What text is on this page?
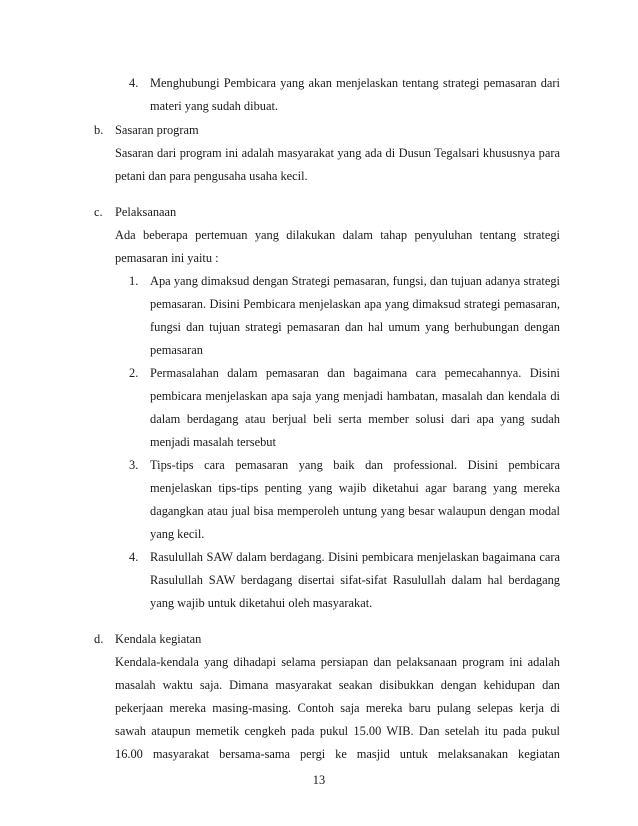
4. Menghubungi Pembicara yang akan menjelaskan tentang strategi pemasaran dari
materi yang sudah dibuat.
b. Sasaran program
Sasaran dari program ini adalah masyarakat yang ada di Dusun Tegalsari khususnya para
petani dan para pengusaha usaha kecil.
c. Pelaksanaan
Ada beberapa pertemuan yang dilakukan dalam tahap penyuluhan tentang strategi
pemasaran ini yaitu :
1. Apa yang dimaksud dengan Strategi pemasaran, fungsi, dan tujuan adanya strategi
pemasaran. Disini Pembicara menjelaskan apa yang dimaksud strategi pemasaran,
fungsi dan tujuan strategi pemasaran dan hal umum yang berhubungan dengan
pemasaran
2. Permasalahan dalam pemasaran dan bagaimana cara pemecahannya. Disini
pembicara menjelaskan apa saja yang menjadi hambatan, masalah dan kendala di
dalam berdagang atau berjual beli serta member solusi dari apa yang sudah
menjadi masalah tersebut
3. Tips-tips cara pemasaran yang baik dan professional. Disini pembicara
menjelaskan tips-tips penting yang wajib diketahui agar barang yang mereka
dagangkan atau jual bisa memperoleh untung yang besar walaupun dengan modal
yang kecil.
4. Rasulullah SAW dalam berdagang. Disini pembicara menjelaskan bagaimana cara
Rasulullah SAW berdagang disertai sifat-sifat Rasulullah dalam hal berdagang
yang wajib untuk diketahui oleh masyarakat.
d. Kendala kegiatan
Kendala-kendala yang dihadapi selama persiapan dan pelaksanaan program ini adalah
masalah waktu saja. Dimana masyarakat seakan disibukkan dengan kehidupan dan
pekerjaan mereka masing-masing. Contoh saja mereka baru pulang selepas kerja di
sawah ataupun memetik cengkeh pada pukul 15.00 WIB. Dan setelah itu pada pukul
16.00 masyarakat bersama-sama pergi ke masjid untuk melaksanakan kegiatan
13
